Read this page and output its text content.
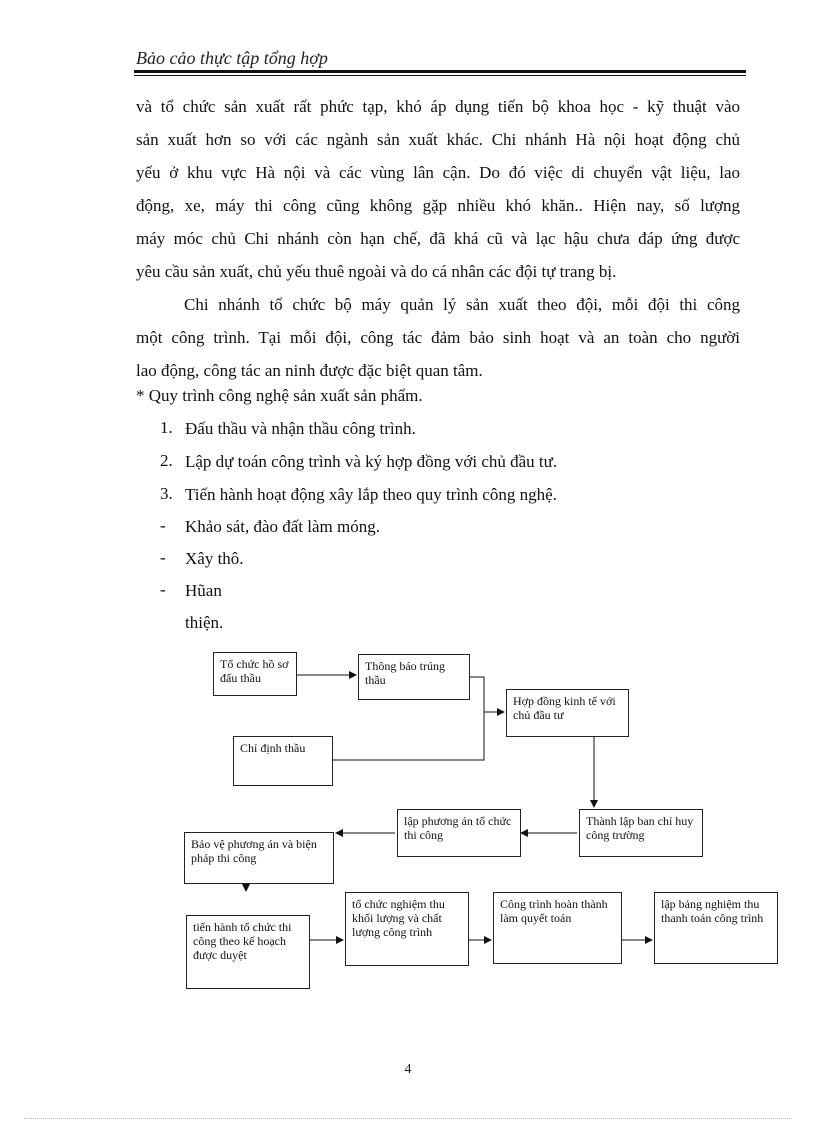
Bảo cảo thực tập tổng hợp
và tổ chức sản xuất rất phức tạp, khó áp dụng tiến bộ khoa học - kỹ thuật vào
sản xuất hơn so với các ngành sản xuất khác. Chi nhánh Hà nội hoạt động chủ
yếu ở khu vực Hà nội và các vùng lân cận. Do đó việc di chuyển vật liệu, lao
động, xe, máy thi công cũng không gặp nhiều khó khăn.. Hiện nay, số lượng
máy móc chủ Chi nhánh còn hạn chế, đã khá cũ và lạc hậu chưa đáp ứng được
yêu cầu sản xuất, chủ yếu thuê ngoài và do cá nhân các đội tự trang bị.
Chi nhánh tổ chức bộ máy quản lý sản xuất theo đội, mỗi đội thi công
một công trình. Tại mỗi đội, công tác đảm bảo sinh hoạt và an toàn cho người
lao động, công tác an ninh được đặc biệt quan tâm.
* Quy trình công nghệ sản xuất sản phẩm.
1. Đấu thầu và nhận thầu công trình.
2. Lập dự toán công trình và ký hợp đồng với chủ đầu tư.
3. Tiến hành hoạt động xây lắp theo quy trình công nghệ.
-	Khảo sát, đào đất làm móng.
-	Xây thô.
-	Hũan
thiện.
Tổ chức hồ sơ đấu thầu
Thông báo trúng thầu
Chỉ định thầu
Hợp đồng kinh tế với chủ đầu tư
Thành lập ban chỉ huy công trường
lập phương án tổ chức thi công
Bảo vệ phương án và biện pháp thi công
tiến hành tổ chức thi công theo kế hoạch được duyệt
tổ chức nghiệm thu khối lượng và chất lượng công trình
Công trình hoàn thành làm quyết toán
lập bảng nghiệm thu thanh toán công trình
4
